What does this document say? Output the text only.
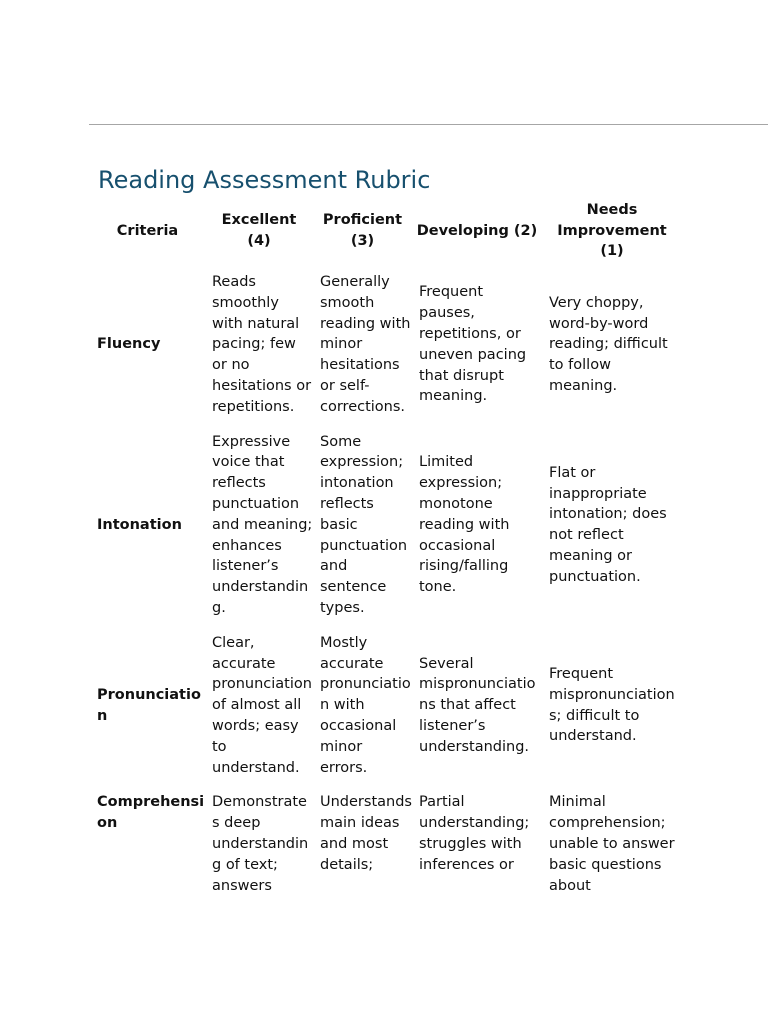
Reading Assessment Rubric
Criteria	Excellent (4)	Proficient (3)	Developing (2)	Needs Improvement (1)
Fluency	Reads smoothly with natural pacing; few or no hesitations or repetitions.	Generally smooth reading with minor hesitations or self-corrections.	Frequent pauses, repetitions, or uneven pacing that disrupt meaning.	Very choppy, word-by-word reading; difficult to follow meaning.
Intonation	Expressive voice that reflects punctuation and meaning; enhances listener’s understanding.	Some expression; intonation reflects basic punctuation and sentence types.	Limited expression; monotone reading with occasional rising/falling tone.	Flat or inappropriate intonation; does not reflect meaning or punctuation.
Pronunciation	Clear, accurate pronunciation of almost all words; easy to understand.	Mostly accurate pronunciation with occasional minor errors.	Several mispronunciations that affect listener’s understanding.	Frequent mispronunciations; difficult to understand.
Comprehension	Demonstrates deep understanding of text; answers	Understands main ideas and most details;	Partial understanding; struggles with inferences or	Minimal comprehension; unable to answer basic questions about
